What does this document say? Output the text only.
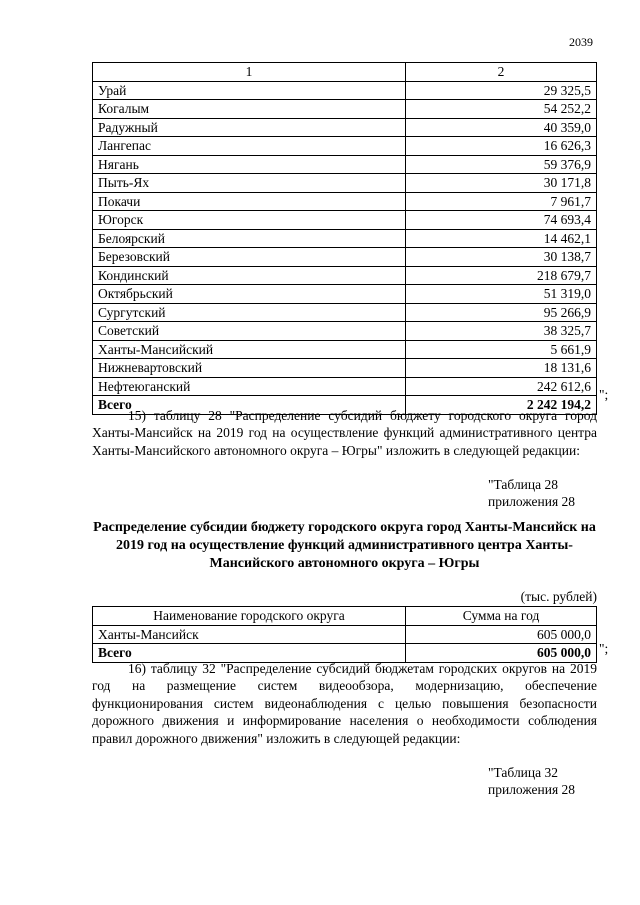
2039
1	2
Урай	29 325,5
Когалым	54 252,2
Радужный	40 359,0
Лангепас	16 626,3
Нягань	59 376,9
Пыть-Ях	30 171,8
Покачи	7 961,7
Югорск	74 693,4
Белоярский	14 462,1
Березовский	30 138,7
Кондинский	218 679,7
Октябрьский	51 319,0
Сургутский	95 266,9
Советский	38 325,7
Ханты-Мансийский	5 661,9
Нижневартовский	18 131,6
Нефтеюганский	242 612,6
Всего	2 242 194,2
";

15) таблицу 28 "Распределение субсидий бюджету городского округа город Ханты-Мансийск на 2019 год на осуществление функций административного центра Ханты-Мансийского автономного округа – Югры" изложить в следующей редакции:

"Таблица 28
приложения 28
Распределение субсидии бюджету городского округа город Ханты-Мансийск на 2019 год на осуществление функций административного центра Ханты-Мансийского автономного округа – Югры
(тыс. рублей)
Наименование городского округа	Сумма на год
Ханты-Мансийск	605 000,0
Всего	605 000,0 ";

16) таблицу 32 "Распределение субсидий бюджетам городских округов на 2019 год на размещение систем видеообзора, модернизацию, обеспечение функционирования систем видеонаблюдения с целью повышения безопасности дорожного движения и информирование населения о необходимости соблюдения правил дорожного движения" изложить в следующей редакции:

"Таблица 32
приложения 28
